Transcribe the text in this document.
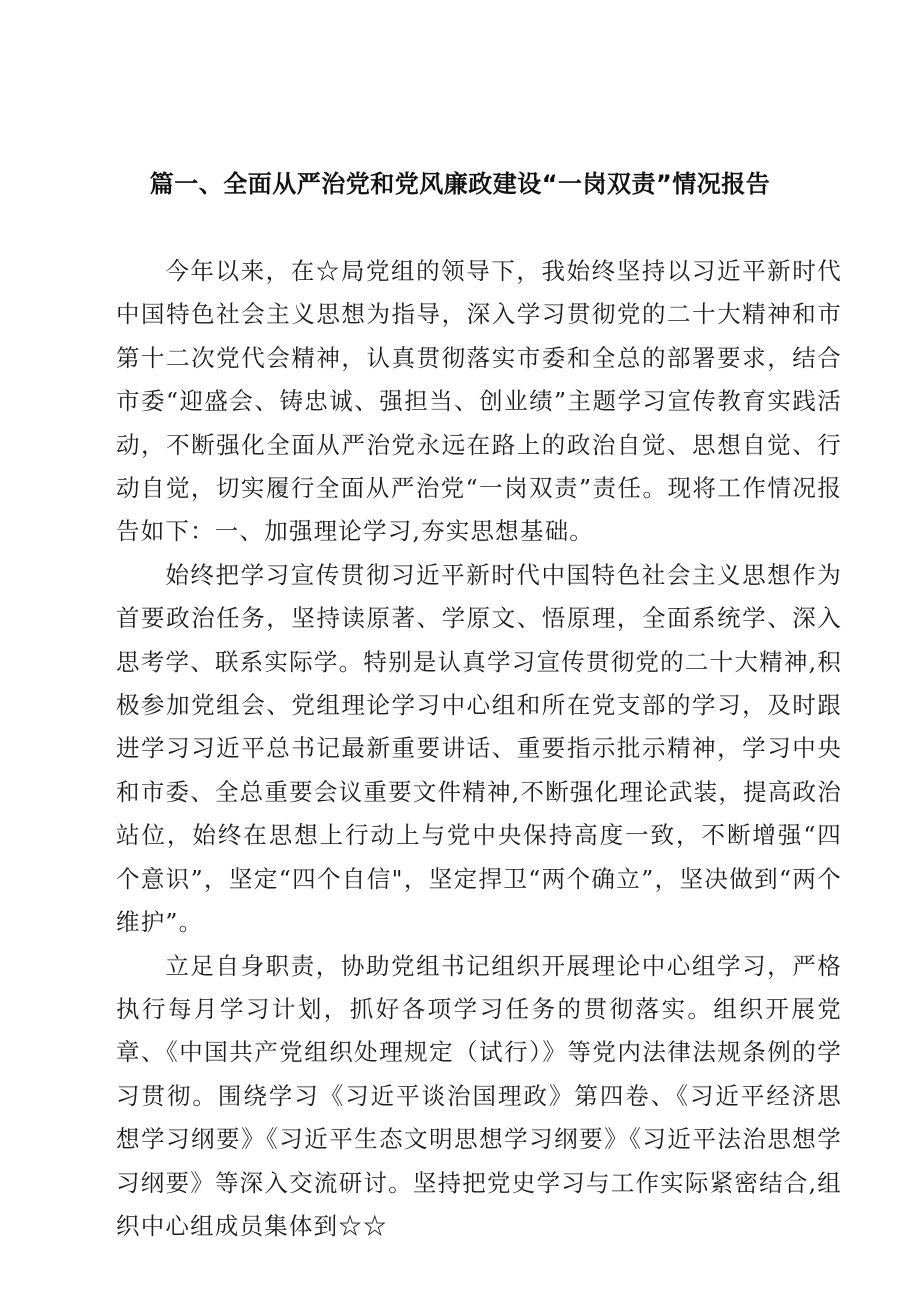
篇一、全面从严治党和党风廉政建设“一岗双责”情况报告

今年以来，在☆局党组的领导下，我始终坚持以习近平新时代中国特色社会主义思想为指导，深入学习贯彻党的二十大精神和市第十二次党代会精神，认真贯彻落实市委和全总的部署要求，结合市委“迎盛会、铸忠诚、强担当、创业绩”主题学习宣传教育实践活动，不断强化全面从严治党永远在路上的政治自觉、思想自觉、行动自觉，切实履行全面从严治党“一岗双责”责任。现将工作情况报告如下：一、加强理论学习,夯实思想基础。

始终把学习宣传贯彻习近平新时代中国特色社会主义思想作为首要政治任务，坚持读原著、学原文、悟原理，全面系统学、深入思考学、联系实际学。特别是认真学习宣传贯彻党的二十大精神,积极参加党组会、党组理论学习中心组和所在党支部的学习，及时跟进学习习近平总书记最新重要讲话、重要指示批示精神，学习中央和市委、全总重要会议重要文件精神,不断强化理论武装，提高政治站位，始终在思想上行动上与党中央保持高度一致，不断增强“四个意识”，坚定“四个自信"，坚定捍卫“两个确立”，坚决做到“两个维护”。

立足自身职责，协助党组书记组织开展理论中心组学习，严格执行每月学习计划，抓好各项学习任务的贯彻落实。组织开展党章、《中国共产党组织处理规定（试行）》等党内法律法规条例的学习贯彻。围绕学习《习近平谈治国理政》第四卷、《习近平经济思想学习纲要》《习近平生态文明思想学习纲要》《习近平法治思想学习纲要》等深入交流研讨。坚持把党史学习与工作实际紧密结合,组织中心组成员集体到☆☆
